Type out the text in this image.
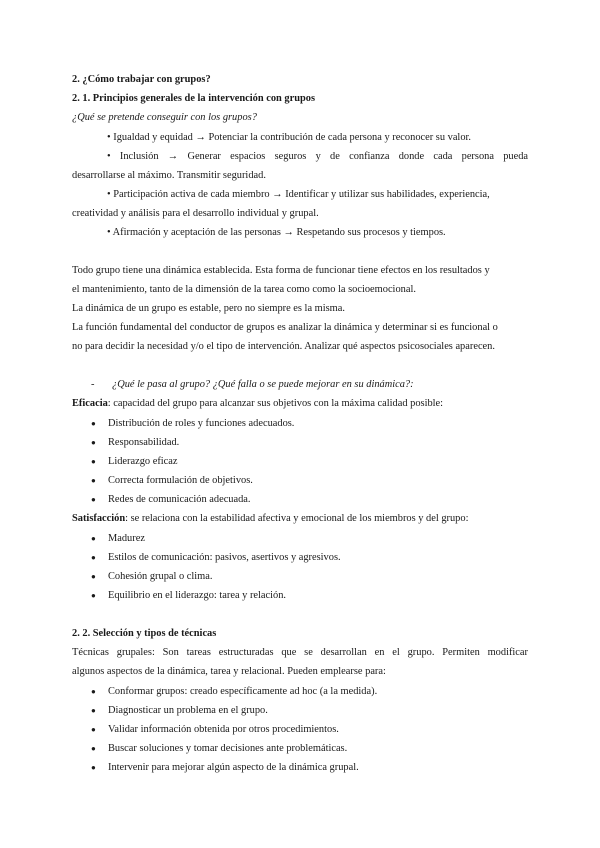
2. ¿Cómo trabajar con grupos?
2. 1. Principios generales de la intervención con grupos
¿Qué se pretende conseguir con los grupos?
• Igualdad y equidad → Potenciar la contribución de cada persona y reconocer su valor.
• Inclusión → Generar espacios seguros y de confianza donde cada persona pueda
desarrollarse al máximo. Transmitir seguridad.
• Participación activa de cada miembro → Identificar y utilizar sus habilidades, experiencia,
creatividad y análisis para el desarrollo individual y grupal.
• Afirmación y aceptación de las personas → Respetando sus procesos y tiempos.
Todo grupo tiene una dinámica establecida. Esta forma de funcionar tiene efectos en los resultados y
el mantenimiento, tanto de la dimensión de la tarea como como la socioemocional.
La dinámica de un grupo es estable, pero no siempre es la misma.
La función fundamental del conductor de grupos es analizar la dinámica y determinar si es funcional o
no para decidir la necesidad y/o el tipo de intervención. Analizar qué aspectos psicosociales aparecen.
- ¿Qué le pasa al grupo? ¿Qué falla o se puede mejorar en su dinámica?:
Eficacia: capacidad del grupo para alcanzar sus objetivos con la máxima calidad posible:
● Distribución de roles y funciones adecuados.
● Responsabilidad.
● Liderazgo eficaz
● Correcta formulación de objetivos.
● Redes de comunicación adecuada.
Satisfacción: se relaciona con la estabilidad afectiva y emocional de los miembros y del grupo:
● Madurez
● Estilos de comunicación: pasivos, asertivos y agresivos.
● Cohesión grupal o clima.
● Equilibrio en el liderazgo: tarea y relación.
2. 2. Selección y tipos de técnicas
Técnicas grupales: Son tareas estructuradas que se desarrollan en el grupo. Permiten modificar
algunos aspectos de la dinámica, tarea y relacional. Pueden emplearse para:
● Conformar grupos: creado específicamente ad hoc (a la medida).
● Diagnosticar un problema en el grupo.
● Validar información obtenida por otros procedimientos.
● Buscar soluciones y tomar decisiones ante problemáticas.
● Intervenir para mejorar algún aspecto de la dinámica grupal.
